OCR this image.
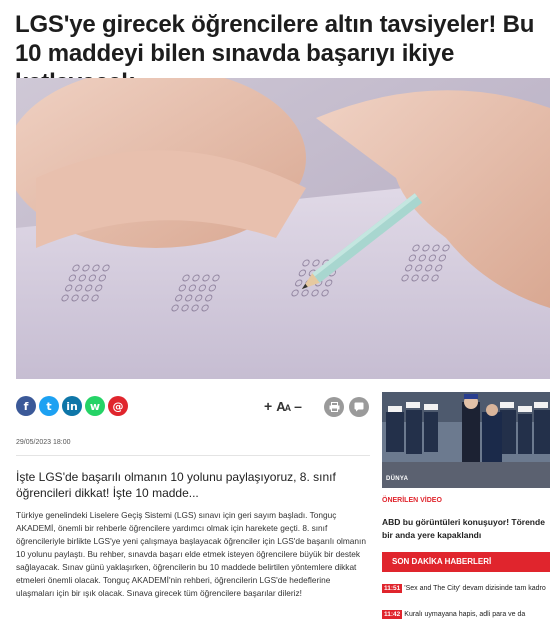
LGS'ye girecek öğrencilere altın tavsiyeler! Bu 10 maddeyi bilen sınavda başarıyı ikiye
f t in w @	+ AA –
29/05/2023 18:00

İşte LGS'de başarılı olmanın 10 yolunu paylaşıyoruz, 8. sınıf öğrencileri dikkat! İşte 10 madde...

Türkiye genelindeki Liselere Geçiş Sistemi (LGS) sınavı için geri sayım başladı. Tonguç AKADEMİ, önemli bir rehberle öğrencilere yardımcı olmak için harekete geçti. 8. sınıf öğrencileriyle birlikte LGS'ye yeni çalışmaya başlayacak öğrenciler için LGS'de başarılı olmanın 10 yolunu paylaştı. Bu rehber, sınavda başarı elde etmek isteyen öğrencilere büyük bir destek sağlayacak. Sınav günü yaklaşırken, öğrencilerin bu 10 maddede belirtilen yöntemlere dikkat etmeleri önemli olacak. Tonguç AKADEMİ'nin rehberi, öğrencilerin LGS'de hedeflerine ulaşmaları için bir ışık olacak. Sınava girecek tüm öğrencilere başarılar dileriz!

DÜNYA
ÖNERİLEN VİDEO
ABD bu görüntüleri konuşuyor! Törende bir anda yere kapaklandı
SON DAKİKA HABERLERİ
11:51 'Sex and The City' devam dizisinde tam kadro
11:42 Kuralı uymayana hapis, adli para ve da
